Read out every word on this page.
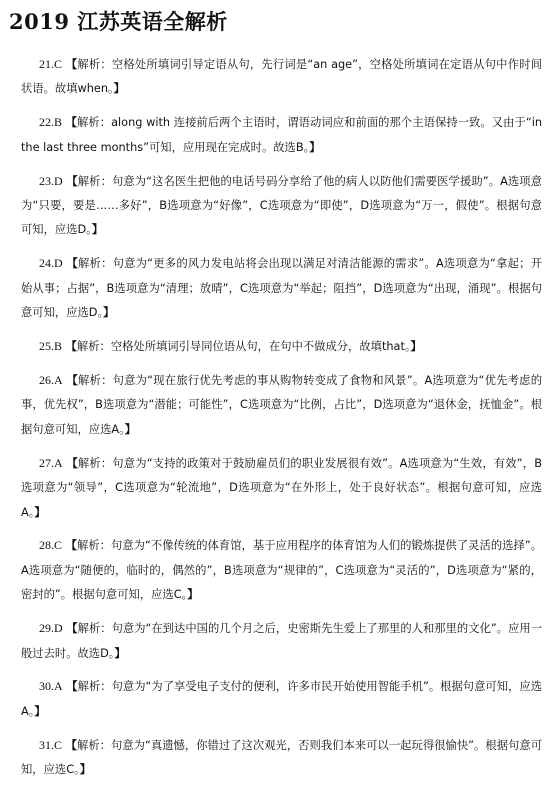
2019 江苏英语全解析

21.C 【解析：空格处所填词引导定语从句，先行词是“an age”，空格处所填词在定语从句中作时间状语。故填when。】

22.B 【解析：along with 连接前后两个主语时，谓语动词应和前面的那个主语保持一致。又由于“in the last three months”可知，应用现在完成时。故选B。】

23.D 【解析：句意为“这名医生把他的电话号码分享给了他的病人以防他们需要医学援助”。A选项意为“只要，要是……多好”，B选项意为“好像”，C选项意为“即使”，D选项意为“万一，假使”。根据句意可知，应选D。】

24.D 【解析：句意为“更多的风力发电站将会出现以满足对清洁能源的需求”。A选项意为“拿起；开始从事；占据”，B选项意为“清理；放晴”，C选项意为“举起；阻挡”，D选项意为“出现，涌现”。根据句意可知，应选D。】

25.B 【解析：空格处所填词引导同位语从句，在句中不做成分，故填that。】

26.A 【解析：句意为“现在旅行优先考虑的事从购物转变成了食物和风景”。A选项意为“优先考虑的事，优先权”，B选项意为“潜能；可能性”，C选项意为“比例，占比”，D选项意为“退休金，抚恤金”。根据句意可知，应选A。】

27.A 【解析：句意为“支持的政策对于鼓励雇员们的职业发展很有效”。A选项意为“生效，有效”，B选项意为“领导”，C选项意为“轮流地”，D选项意为“在外形上，处于良好状态”。根据句意可知，应选A。】

28.C 【解析：句意为“不像传统的体育馆，基于应用程序的体育馆为人们的锻炼提供了灵活的选择”。A选项意为“随便的，临时的，偶然的”，B选项意为“规律的”，C选项意为“灵活的”，D选项意为“紧的，密封的”。根据句意可知，应选C。】

29.D 【解析：句意为“在到达中国的几个月之后，史密斯先生爱上了那里的人和那里的文化”。应用一般过去时。故选D。】

30.A 【解析：句意为“为了享受电子支付的便利，许多市民开始使用智能手机”。根据句意可知，应选A。】

31.C 【解析：句意为“真遗憾，你错过了这次观光，否则我们本来可以一起玩得很愉快”。根据句意可知，应选C。】
